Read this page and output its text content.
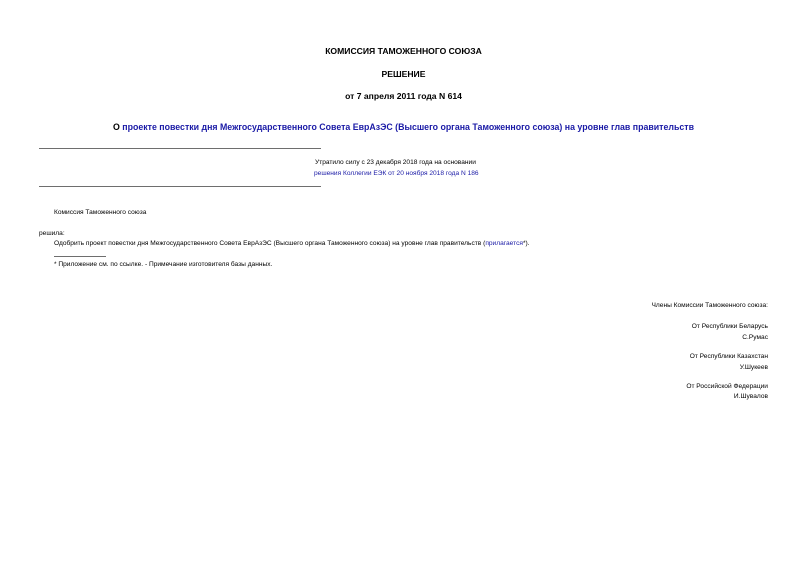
КОМИССИЯ ТАМОЖЕННОГО СОЮЗА

РЕШЕНИЕ

от 7 апреля 2011 года N 614

О проекте повестки дня Межгосударственного Совета ЕврАзЭС (Высшего органа Таможенного союза) на уровне глав правительств

Утратило силу с 23 декабря 2018 года на основании

решения Коллегии ЕЭК от 20 ноября 2018 года N 186

Комиссия Таможенного союза

решила:

Одобрить проект повестки дня Межгосударственного Совета ЕврАзЭС (Высшего органа Таможенного союза) на уровне глав правительств (прилагается*).

* Приложение см. по ссылке. - Примечание изготовителя базы данных.

Члены Комиссии Таможенного союза:

От Республики Беларусь

С.Румас

От Республики Казахстан

У.Шукеев

От Российской Федерации

И.Шувалов
